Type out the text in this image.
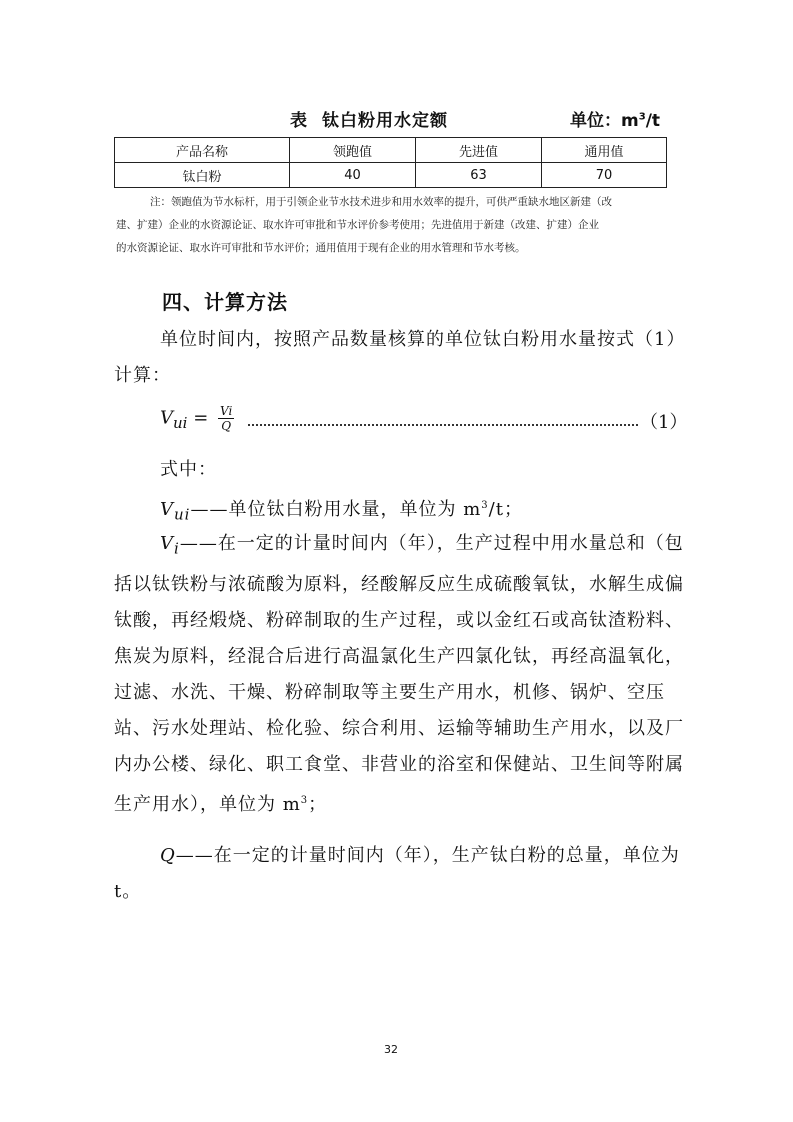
表 钛白粉用水定额	单位：$m^3/t$
产品名称	领跑值	先进值	通用值
钛白粉	40	63	70
注：领跑值为节水标杆，用于引领企业节水技术进步和用水效率的提升，可供严重缺水地区新建（改
建、扩建）企业的水资源论证、取水许可审批和节水评价参考使用；先进值用于新建（改建、扩建）企业
的水资源论证、取水许可审批和节水评价；通用值用于现有企业的用水管理和节水考核。
四、计算方法
单位时间内，按照产品数量核算的单位钛白粉用水量按式（1）计算：
$V_{ui} = \frac{Vi}{Q}$	（1）
式中：
$V_{ui}——$单位钛白粉用水量，单位为 $m^3/t$；
$V_i——$在一定的计量时间内（年），生产过程中用水量总和（包括以钛铁粉与浓硫酸为原料，经酸解反应生成硫酸氧钛，水解生成偏钛酸，再经煅烧、粉碎制取的生产过程，或以金红石或高钛渣粉料、焦炭为原料，经混合后进行高温氯化生产四氯化钛，再经高温氧化，过滤、水洗、干燥、粉碎制取等主要生产用水，机修、锅炉、空压站、污水处理站、检化验、综合利用、运输等辅助生产用水，以及厂内办公楼、绿化、职工食堂、非营业的浴室和保健站、卫生间等附属生产用水），单位为 $m^3$；
Q——在一定的计量时间内（年），生产钛白粉的总量，单位为 t。
32
